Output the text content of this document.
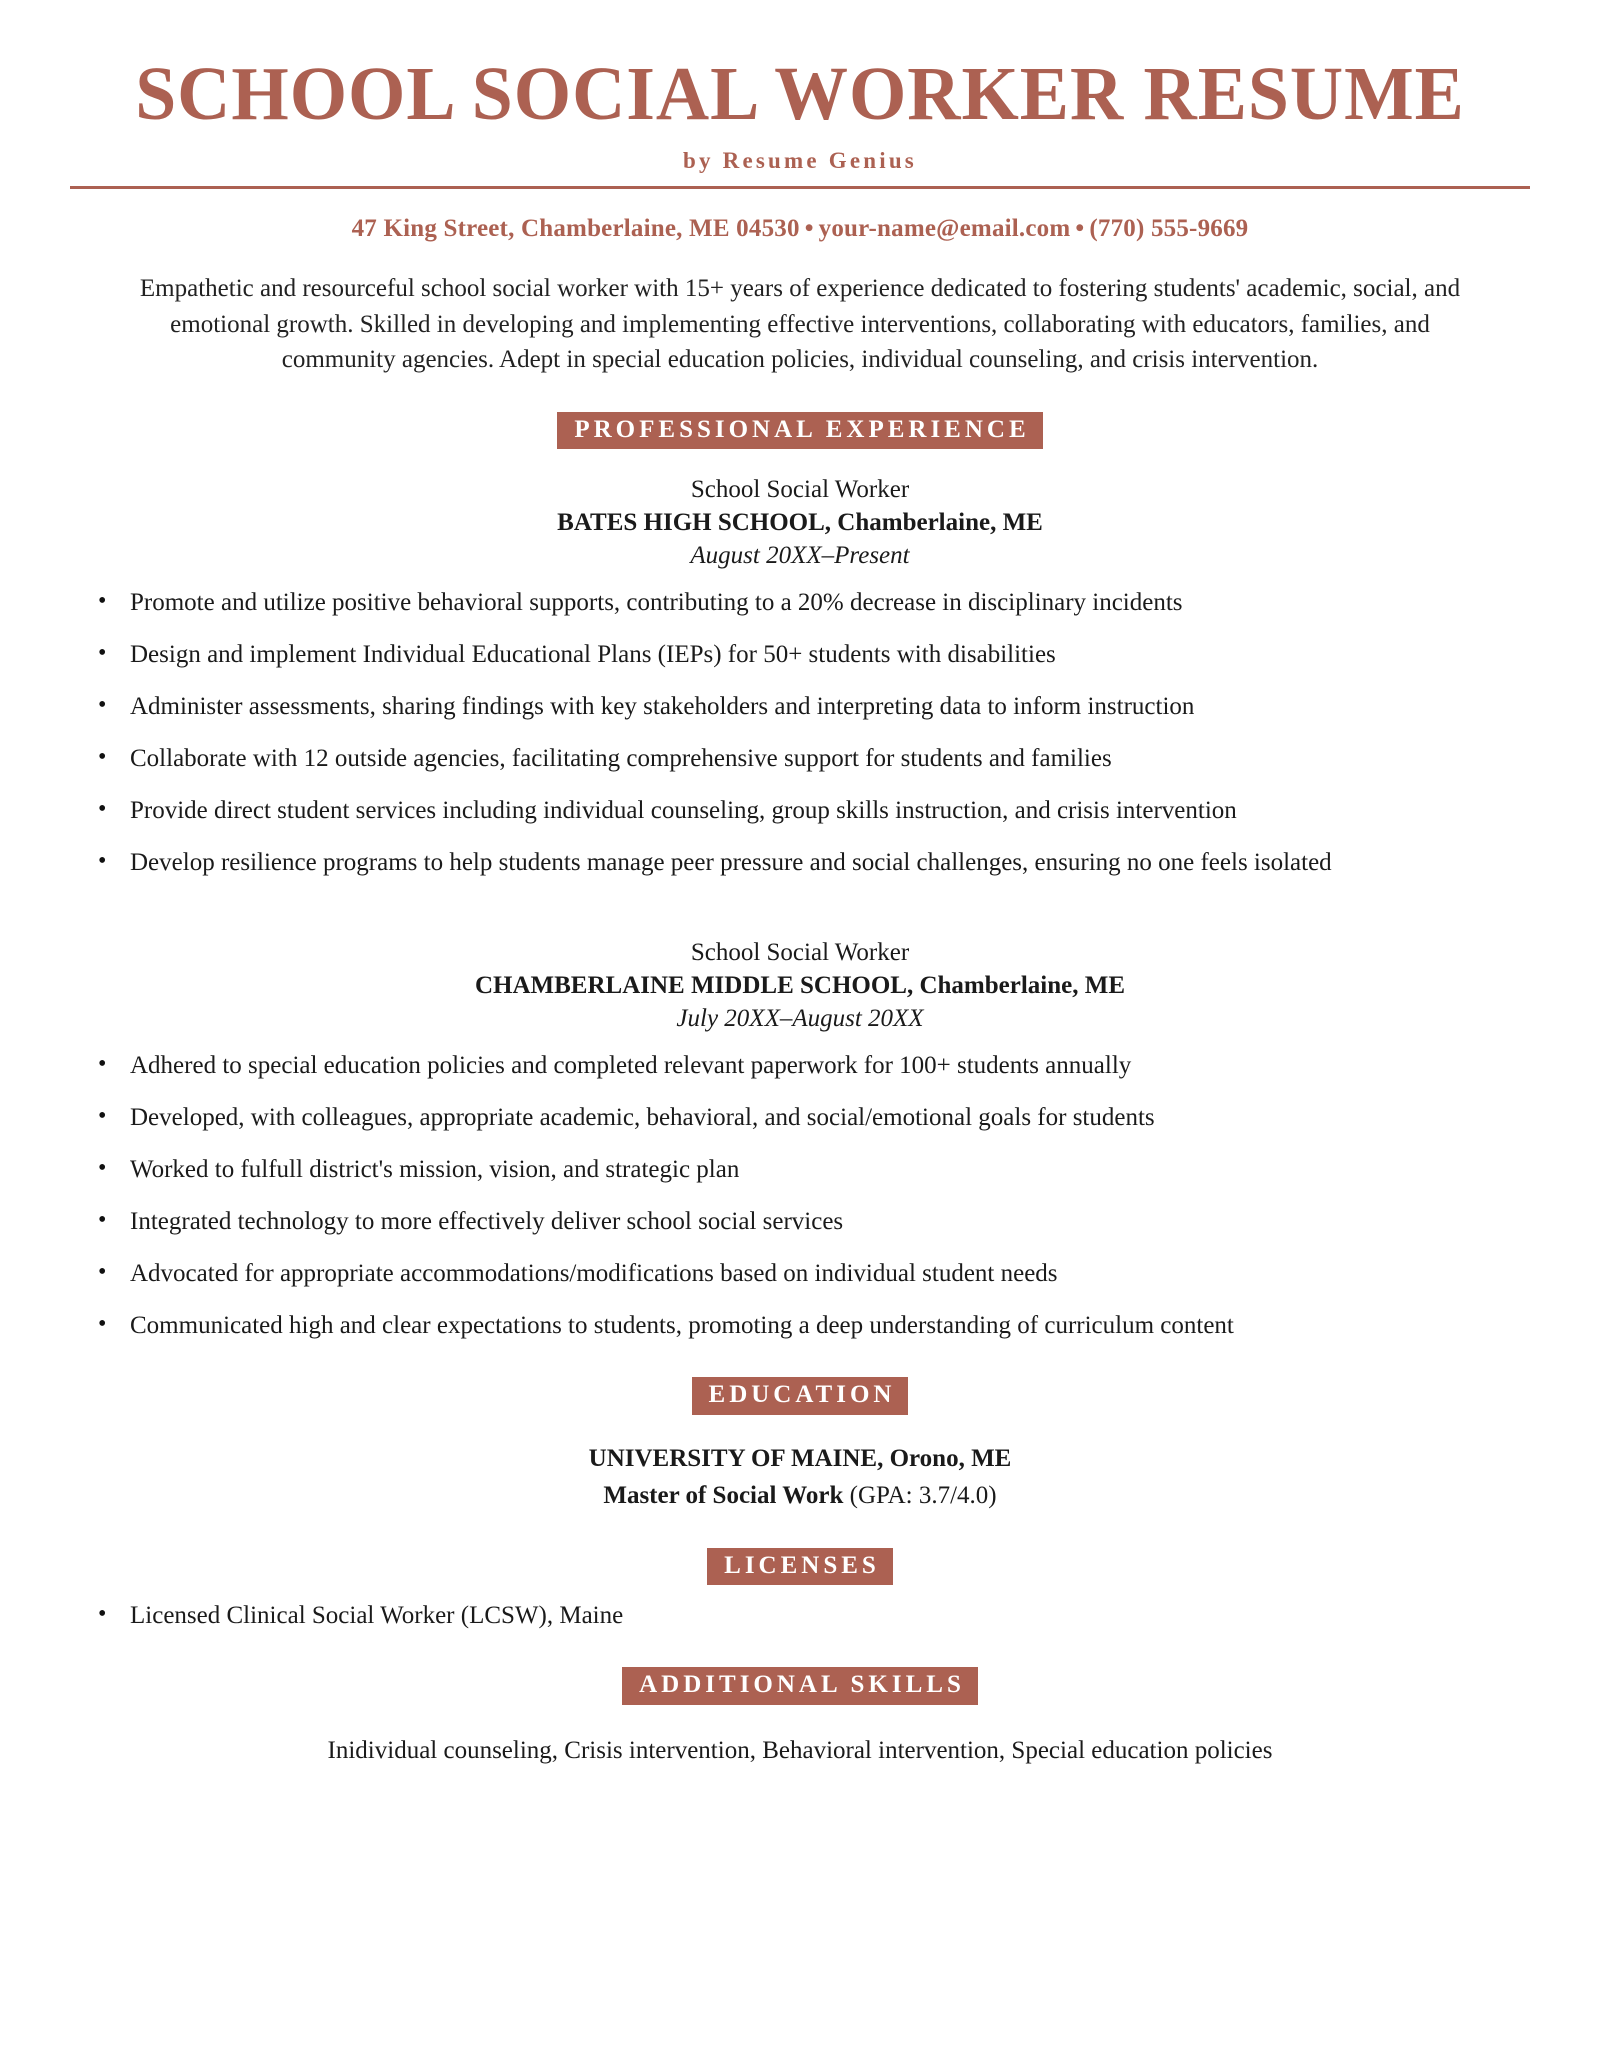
SCHOOL SOCIAL WORKER RESUME
by Resume Genius
47 King Street, Chamberlaine, ME 04530 • your-name@email.com • (770) 555-9669
Empathetic and resourceful school social worker with 15+ years of experience dedicated to fostering students' academic, social, and emotional growth. Skilled in developing and implementing effective interventions, collaborating with educators, families, and community agencies. Adept in special education policies, individual counseling, and crisis intervention.
PROFESSIONAL EXPERIENCE
School Social Worker
BATES HIGH SCHOOL, Chamberlaine, ME
August 20XX–Present
• Promote and utilize positive behavioral supports, contributing to a 20% decrease in disciplinary incidents
• Design and implement Individual Educational Plans (IEPs) for 50+ students with disabilities
• Administer assessments, sharing findings with key stakeholders and interpreting data to inform instruction
• Collaborate with 12 outside agencies, facilitating comprehensive support for students and families
• Provide direct student services including individual counseling, group skills instruction, and crisis intervention
• Develop resilience programs to help students manage peer pressure and social challenges, ensuring no one feels isolated
School Social Worker
CHAMBERLAINE MIDDLE SCHOOL, Chamberlaine, ME
July 20XX–August 20XX
• Adhered to special education policies and completed relevant paperwork for 100+ students annually
• Developed, with colleagues, appropriate academic, behavioral, and social/emotional goals for students
• Worked to fulfull district's mission, vision, and strategic plan
• Integrated technology to more effectively deliver school social services
• Advocated for appropriate accommodations/modifications based on individual student needs
• Communicated high and clear expectations to students, promoting a deep understanding of curriculum content
EDUCATION
UNIVERSITY OF MAINE, Orono, ME
Master of Social Work (GPA: 3.7/4.0)
LICENSES
• Licensed Clinical Social Worker (LCSW), Maine
ADDITIONAL SKILLS
Inidividual counseling, Crisis intervention, Behavioral intervention, Special education policies
